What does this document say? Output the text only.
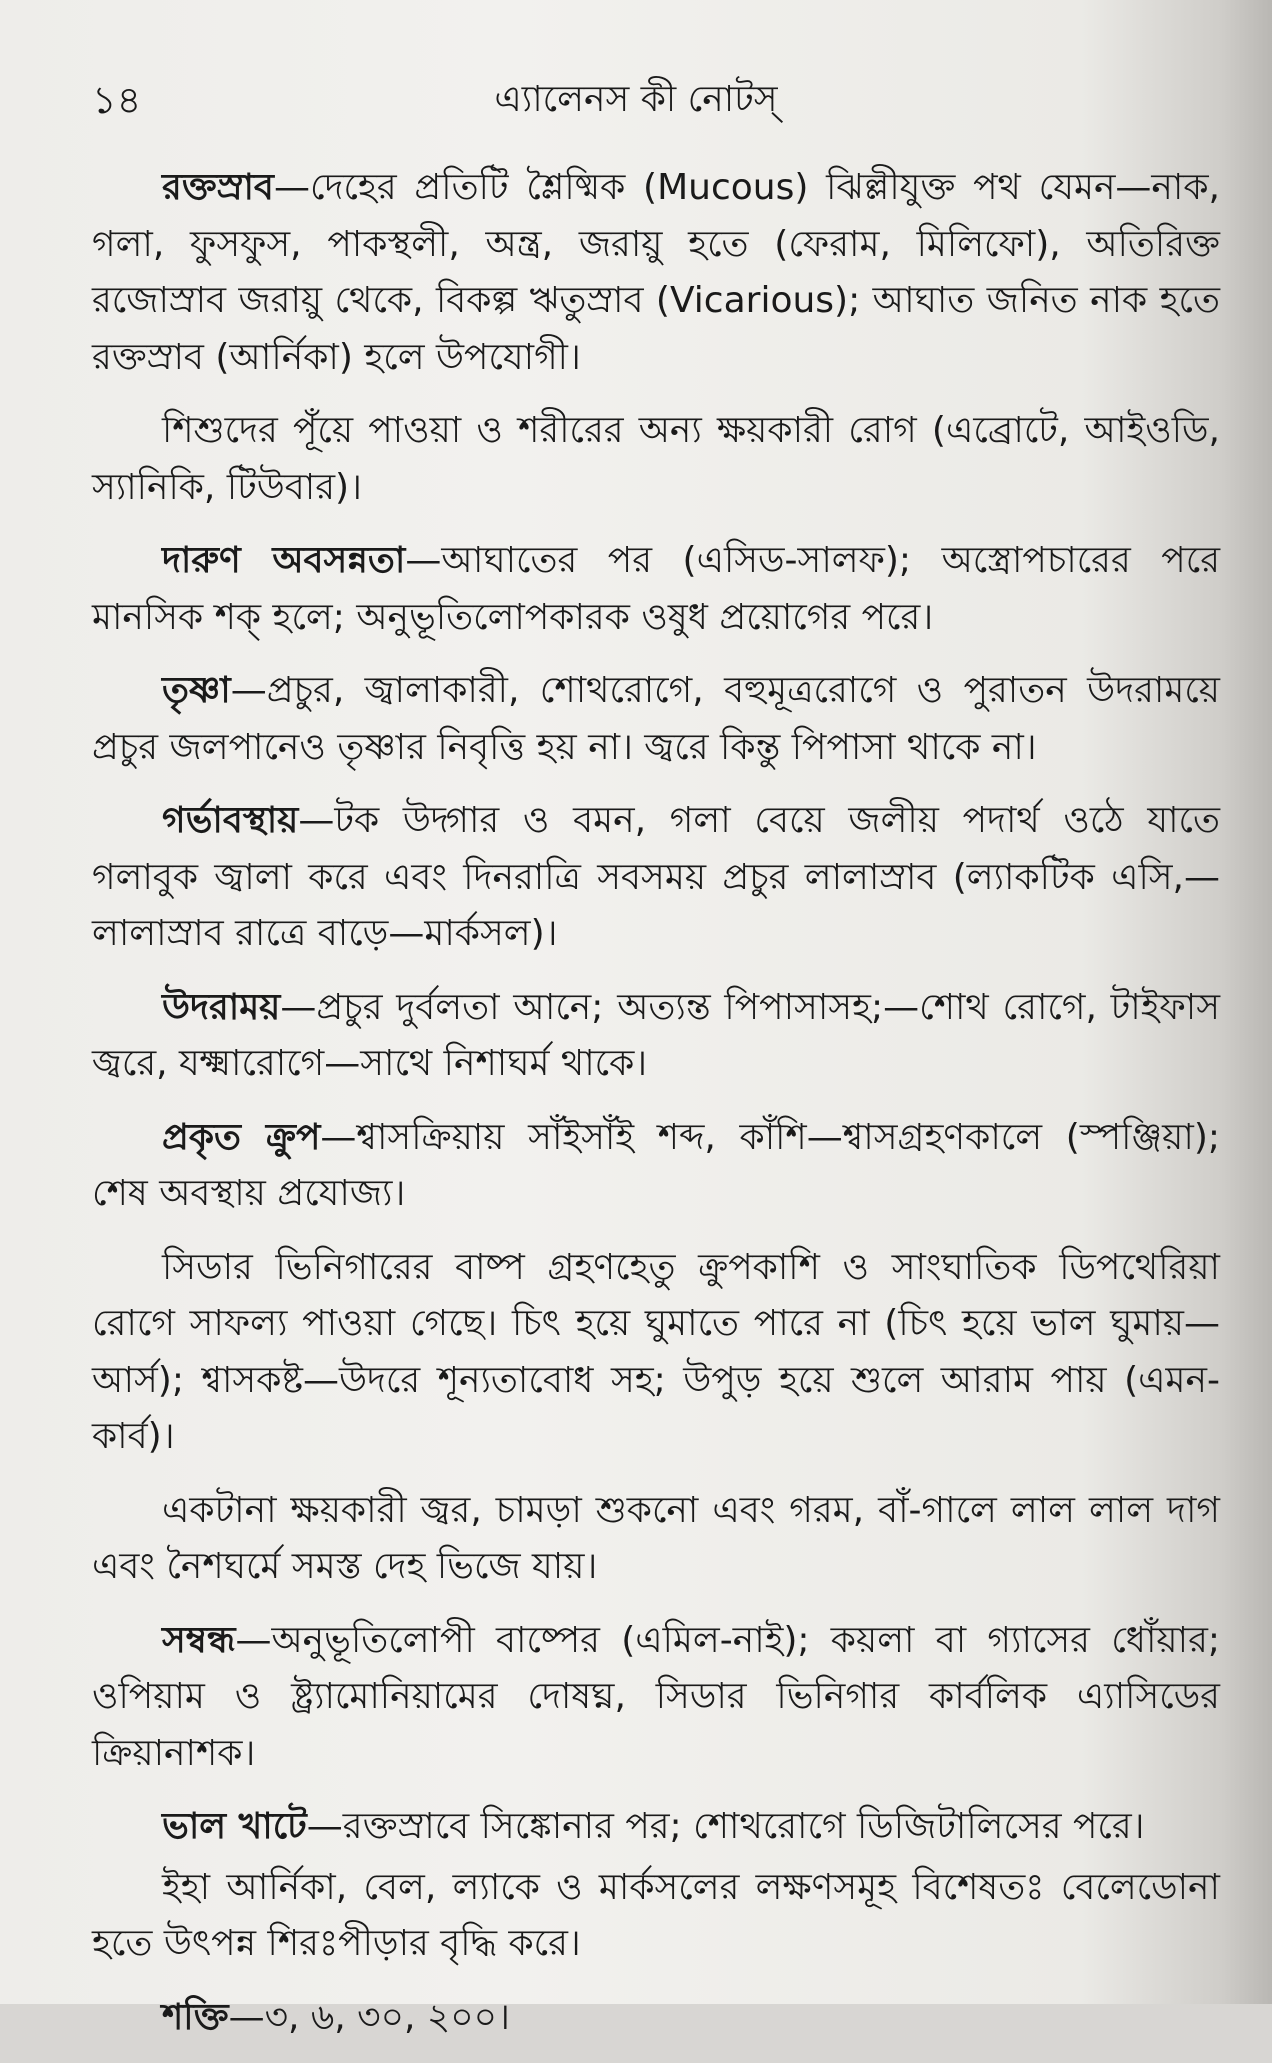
১৪	এ্যালেনস কী নোটস্

রক্তস্রাব—দেহের প্রতিটি শ্লৈষ্মিক (Mucous) ঝিল্লীযুক্ত পথ যেমন—নাক, গলা, ফুসফুস, পাকস্থলী, অন্ত্র, জরায়ু হতে (ফেরাম, মিলিফো), অতিরিক্ত রজোস্রাব জরায়ু থেকে, বিকল্প ঋতুস্রাব (Vicarious); আঘাত জনিত নাক হতে রক্তস্রাব (আর্নিকা) হলে উপযোগী।

শিশুদের পূঁয়ে পাওয়া ও শরীরের অন্য ক্ষয়কারী রোগ (এব্রোটে, আইওডি, স্যানিকি, টিউবার)।

দারুণ অবসন্নতা—আঘাতের পর (এসিড-সালফ); অস্ত্রোপচারের পরে মানসিক শক্ হলে; অনুভূতিলোপকারক ওষুধ প্রয়োগের পরে।

তৃষ্ণা—প্রচুর, জ্বালাকারী, শোথরোগে, বহুমূত্ররোগে ও পুরাতন উদরাময়ে প্রচুর জলপানেও তৃষ্ণার নিবৃত্তি হয় না। জ্বরে কিন্তু পিপাসা থাকে না।

গর্ভাবস্থায়—টক উদ্গার ও বমন, গলা বেয়ে জলীয় পদার্থ ওঠে যাতে গলাবুক জ্বালা করে এবং দিনরাত্রি সবসময় প্রচুর লালাস্রাব (ল্যাকটিক এসি,—লালাস্রাব রাত্রে বাড়ে—মার্কসল)।

উদরাময়—প্রচুর দুর্বলতা আনে; অত্যন্ত পিপাসাসহ;—শোথ রোগে, টাইফাস জ্বরে, যক্ষ্মারোগে—সাথে নিশাঘর্ম থাকে।

প্রকৃত ক্রুপ—শ্বাসক্রিয়ায় সাঁইসাঁই শব্দ, কাঁশি—শ্বাসগ্রহণকালে (স্পঞ্জিয়া); শেষ অবস্থায় প্রযোজ্য।

সিডার ভিনিগারের বাষ্প গ্রহণহেতু ক্রুপকাশি ও সাংঘাতিক ডিপথেরিয়া রোগে সাফল্য পাওয়া গেছে। চিৎ হয়ে ঘুমাতে পারে না (চিৎ হয়ে ভাল ঘুমায়—আর্স); শ্বাসকষ্ট—উদরে শূন্যতাবোধ সহ; উপুড় হয়ে শুলে আরাম পায় (এমন-কার্ব)।

একটানা ক্ষয়কারী জ্বর, চামড়া শুকনো এবং গরম, বাঁ-গালে লাল লাল দাগ এবং নৈশঘর্মে সমস্ত দেহ ভিজে যায়।

সম্বন্ধ—অনুভূতিলোপী বাষ্পের (এমিল-নাই); কয়লা বা গ্যাসের ধোঁয়ার; ওপিয়াম ও ষ্ট্র্যামোনিয়ামের দোষঘ্ন, সিডার ভিনিগার কার্বলিক এ্যাসিডের ক্রিয়ানাশক।

ভাল খাটে—রক্তস্রাবে সিঙ্কোনার পর; শোথরোগে ডিজিটালিসের পরে।

ইহা আর্নিকা, বেল, ল্যাকে ও মার্কসলের লক্ষণসমূহ বিশেষতঃ বেলেডোনা হতে উৎপন্ন শিরঃপীড়ার বৃদ্ধি করে।

শক্তি—৩, ৬, ৩০, ২০০।
